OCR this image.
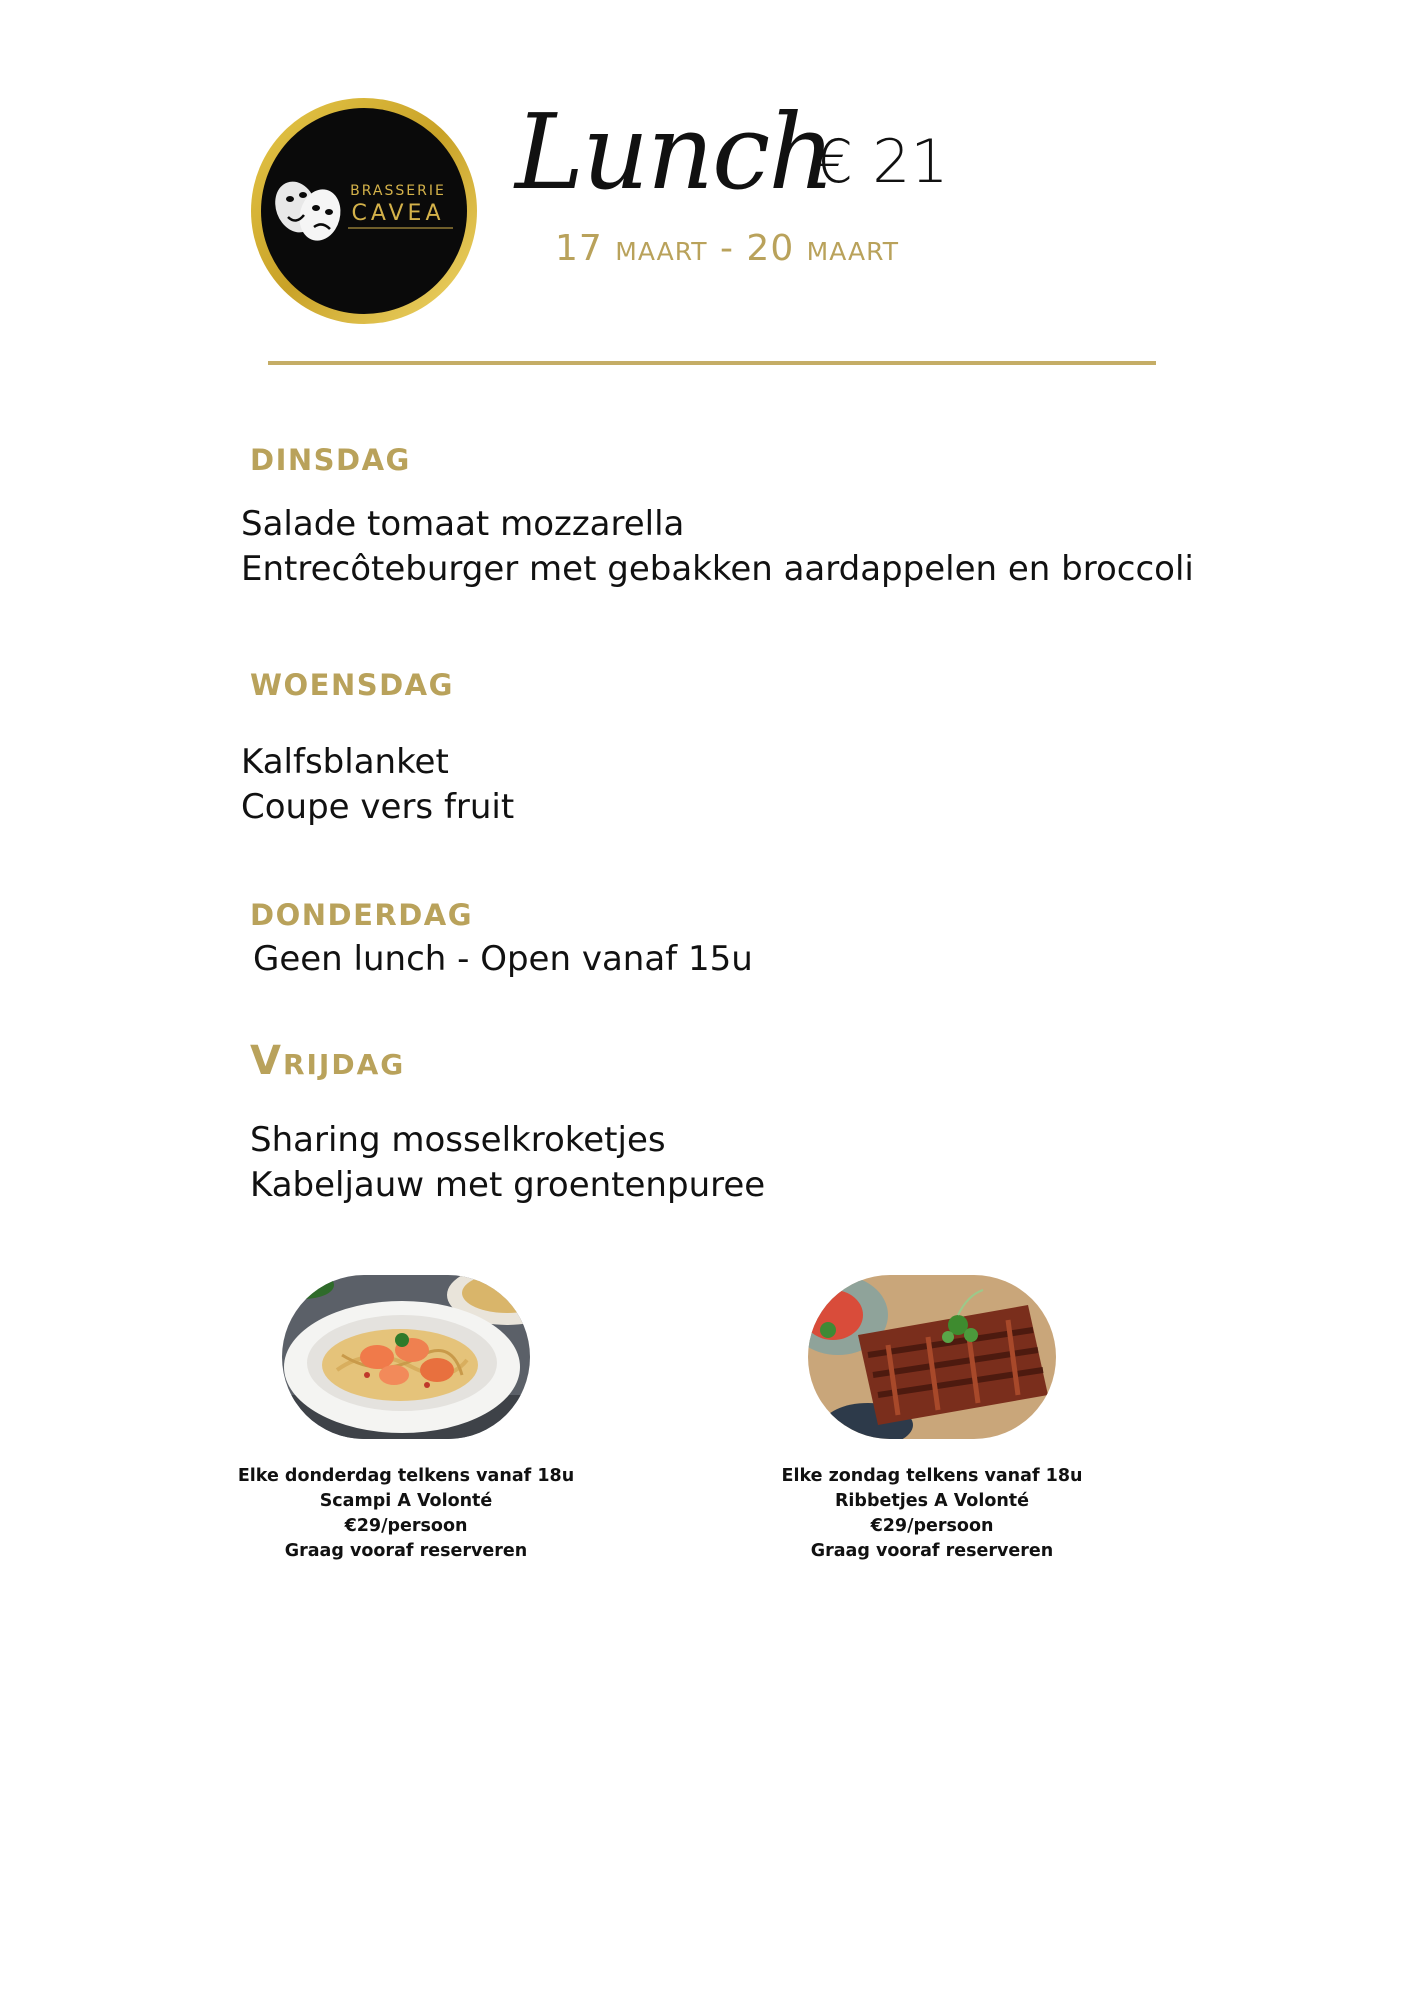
BRASSERIE
CAVEA
Lunch
€ 21
17 maart - 20 maart
DINSDAG
Salade tomaat mozzarella
Entrecôteburger met gebakken aardappelen en broccoli
WOENSDAG
Kalfsblanket
Coupe vers fruit
DONDERDAG
Geen lunch - Open vanaf 15u
Vrijdag
Sharing mosselkroketjes
Kabeljauw met groentenpuree
Elke donderdag telkens vanaf 18u
Scampi A Volonté
€29/persoon
Graag vooraf reserveren
Elke zondag telkens vanaf 18u
Ribbetjes A Volonté
€29/persoon
Graag vooraf reserveren
